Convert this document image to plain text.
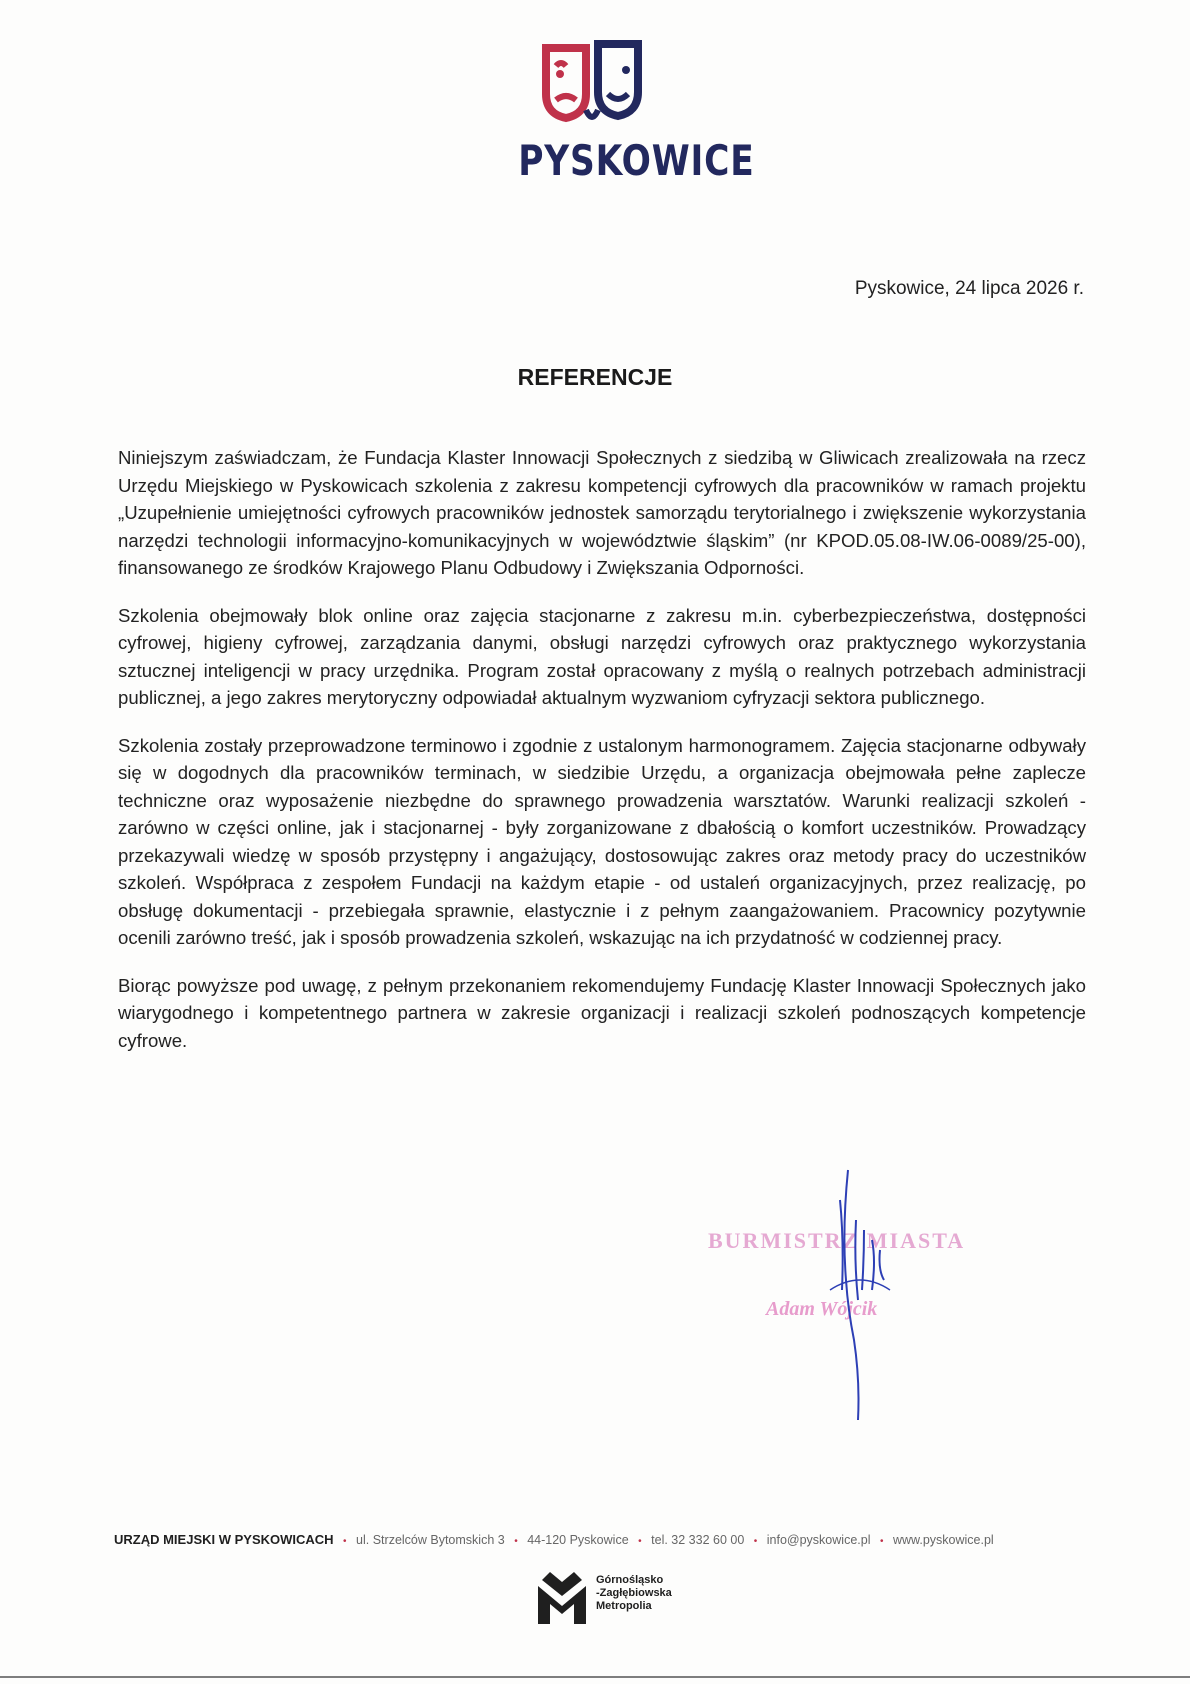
PYSKOWICE
Pyskowice, 24 lipca 2026 r.
REFERENCJE

Niniejszym zaświadczam, że Fundacja Klaster Innowacji Społecznych z siedzibą w Gliwicach zrealizowała na rzecz Urzędu Miejskiego w Pyskowicach szkolenia z zakresu kompetencji cyfrowych dla pracowników w ramach projektu „Uzupełnienie umiejętności cyfrowych pracowników jednostek samorządu terytorialnego i zwiększenie wykorzystania narzędzi technologii informacyjno-komunikacyjnych w województwie śląskim” (nr KPOD.05.08-IW.06-0089/25-00), finansowanego ze środków Krajowego Planu Odbudowy i Zwiększania Odporności.

Szkolenia obejmowały blok online oraz zajęcia stacjonarne z zakresu m.in. cyberbezpieczeństwa, dostępności cyfrowej, higieny cyfrowej, zarządzania danymi, obsługi narzędzi cyfrowych oraz praktycznego wykorzystania sztucznej inteligencji w pracy urzędnika. Program został opracowany z myślą o realnych potrzebach administracji publicznej, a jego zakres merytoryczny odpowiadał aktualnym wyzwaniom cyfryzacji sektora publicznego.

Szkolenia zostały przeprowadzone terminowo i zgodnie z ustalonym harmonogramem. Zajęcia stacjonarne odbywały się w dogodnych dla pracowników terminach, w siedzibie Urzędu, a organizacja obejmowała pełne zaplecze techniczne oraz wyposażenie niezbędne do sprawnego prowadzenia warsztatów. Warunki realizacji szkoleń - zarówno w części online, jak i stacjonarnej - były zorganizowane z dbałością o komfort uczestników. Prowadzący przekazywali wiedzę w sposób przystępny i angażujący, dostosowując zakres oraz metody pracy do uczestników szkoleń. Współpraca z zespołem Fundacji na każdym etapie - od ustaleń organizacyjnych, przez realizację, po obsługę dokumentacji - przebiegała sprawnie, elastycznie i z pełnym zaangażowaniem. Pracownicy pozytywnie ocenili zarówno treść, jak i sposób prowadzenia szkoleń, wskazując na ich przydatność w codziennej pracy.

Biorąc powyższe pod uwagę, z pełnym przekonaniem rekomendujemy Fundację Klaster Innowacji Społecznych jako wiarygodnego i kompetentnego partnera w zakresie organizacji i realizacji szkoleń podnoszących kompetencje cyfrowe.

BURMISTRZ MIASTA
Adam Wójcik
URZĄD MIEJSKI W PYSKOWICACH • ul. Strzelców Bytomskich 3 • 44-120 Pyskowice • tel. 32 332 60 00 • info@pyskowice.pl • www.pyskowice.pl
Górnośląsko
-Zagłębiowska
Metropolia
